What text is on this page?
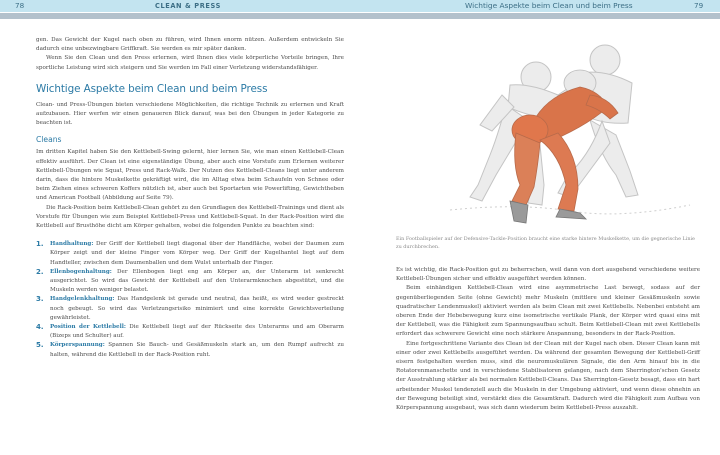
78	CLEAN & PRESS	Wichtige Aspekte beim Clean und beim Press	79

gen. Das Gewicht der Kugel nach oben zu führen, wird Ihnen enorm nützen. Außerdem entwickeln Sie dadurch eine unbezwingbare Griffkraft. Sie werden es mir später danken.

Wenn Sie den Clean und den Press erlernen, wird Ihnen dies viele körperliche Vorteile bringen, Ihre sportliche Leistung wird sich steigern und Sie werden im Fall einer Verletzung widerstandsfähiger.

Wichtige Aspekte beim Clean und beim Press

Clean- und Press-Übungen bieten verschiedene Möglichkeiten, die richtige Technik zu erlernen und Kraft aufzubauen. Hier werfen wir einen genaueren Blick darauf, was bei den Übungen in jeder Kategorie zu beachten ist.

Cleans

Im dritten Kapitel haben Sie den Kettlebell-Swing gelernt, hier lernen Sie, wie man einen Kettlebell-Clean effektiv ausführt. Der Clean ist eine eigenständige Übung, aber auch eine Vorstufe zum Erlernen weiterer Kettlebell-Übungen wie Squat, Press und Rack-Walk. Der Nutzen des Kettlebell-Cleans liegt unter anderem darin, dass die hintere Muskelkette gekräftigt wird, die im Alltag etwa beim Schaufeln von Schnee oder beim Ziehen eines schweren Koffers nützlich ist, aber auch bei Sportarten wie Powerlifting, Gewichtheben und American Football (Abbildung auf Seite 79).

Die Rack-Position beim Kettlebell-Clean gehört zu den Grundlagen des Kettlebell-Trainings und dient als Vorstufe für Übungen wie zum Beispiel Kettlebell-Press und Kettlebell-Squat. In der Rack-Position wird die Kettlebell auf Brusthöhe dicht am Körper gehalten, wobei die folgenden Punkte zu beachten sind:

1. Handhaltung: Der Griff der Kettlebell liegt diagonal über der Handfläche, wobei der Daumen zum Körper zeigt und der kleine Finger vom Körper weg. Der Griff der Kugelhantel liegt auf dem Handteller, zwischen dem Daumenballen und dem Wulst unterhalb der Finger.
2. Ellenbogenhaltung: Der Ellenbogen liegt eng am Körper an, der Unterarm ist senkrecht ausgerichtet. So wird das Gewicht der Kettlebell auf den Unterarmknochen abgestützt, und die Muskeln werden weniger belastet.
3. Handgelenkhaltung: Das Handgelenk ist gerade und neutral, das heißt, es wird weder gestreckt noch gebeugt. So wird das Verletzungsrisiko minimiert und eine korrekte Gewichtsverteilung gewährleistet.
4. Position der Kettlebell: Die Kettlebell liegt auf der Rückseite des Unterarms und am Oberarm (Bizeps und Schulter) auf.
5. Körperspannung: Spannen Sie Bauch- und Gesäßmuskeln stark an, um den Rumpf aufrecht zu halten, während die Kettlebell in der Rack-Position ruht.

Ein Footballspieler auf der Defensive-Tackle-Position braucht eine starke hintere Muskelkette, um die gegnerische Linie zu durchbrechen.

Es ist wichtig, die Rack-Position gut zu beherrschen, weil dann von dort ausgehend verschiedene weitere Kettlebell-Übungen sicher und effektiv ausgeführt werden können.

Beim einhändigen Kettlebell-Clean wird eine asymmetrische Last bewegt, sodass auf der gegenüberliegenden Seite (ohne Gewicht) mehr Muskeln (mittlere und kleiner Gesäßmuskeln sowie quadratischer Lendenmuskel) aktiviert werden als beim Clean mit zwei Kettlebells. Nebenbei entsteht am oberen Ende der Hebebewegung kurz eine isometrische vertikale Plank, der Körper wird quasi eins mit der Kettlebell, was die Fähigkeit zum Spannungsaufbau schult. Beim Kettlebell-Clean mit zwei Kettlebells erfordert das schwerere Gewicht eine noch stärkere Anspannung, besonders in der Rack-Position.

Eine fortgeschrittene Variante des Clean ist der Clean mit der Kugel nach oben. Dieser Clean kann mit einer oder zwei Kettlebells ausgeführt werden. Da während der gesamten Bewegung der Kettlebell-Griff eisern festgehalten werden muss, sind die neuromuskulären Signale, die den Arm hinauf bis in die Rotatorenmanschette und in verschiedene Stabilisatoren gelangen, nach dem Sherrington'schen Gesetz der Ausstrahlung stärker als bei normalen Kettlebell-Cleans. Das Sherrington-Gesetz besagt, dass ein hart arbeitender Muskel tendenziell auch die Muskeln in der Umgebung aktiviert, und wenn diese ohnehin an der Bewegung beteiligt sind, verstärkt dies die Gesamtkraft. Dadurch wird die Fähigkeit zum Aufbau von Körperspannung ausgebaut, was sich dann wiederum beim Kettlebell-Press auszahlt.
